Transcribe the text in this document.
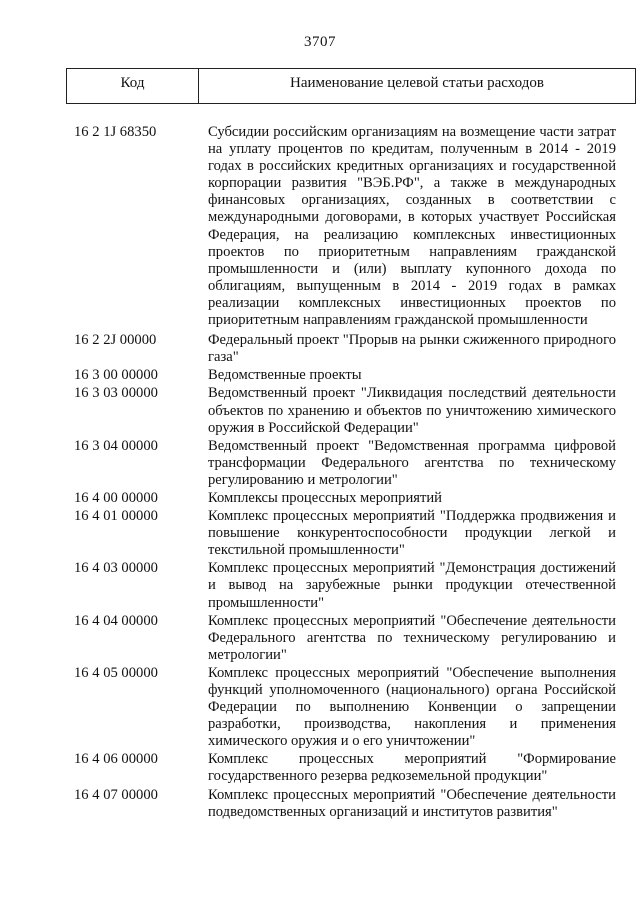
3707
Код	Наименование целевой статьи расходов
16 2 1J 68350	Субсидии российским организациям на возмещение части затрат на уплату процентов по кредитам, полученным в 2014 - 2019 годах в российских кредитных организациях и государственной корпорации развития "ВЭБ.РФ", а также в международных финансовых организациях, созданных в соответствии с международными договорами, в которых участвует Российская Федерация, на реализацию комплексных инвестиционных проектов по приоритетным направлениям гражданской промышленности и (или) выплату купонного дохода по облигациям, выпущенным в 2014 - 2019 годах в рамках реализации комплексных инвестиционных проектов по приоритетным направлениям гражданской промышленности
16 2 2J 00000	Федеральный проект "Прорыв на рынки сжиженного природного газа"
16 3 00 00000	Ведомственные проекты
16 3 03 00000	Ведомственный проект "Ликвидация последствий деятельности объектов по хранению и объектов по уничтожению химического оружия в Российской Федерации"
16 3 04 00000	Ведомственный проект "Ведомственная программа цифровой трансформации Федерального агентства по техническому регулированию и метрологии"
16 4 00 00000	Комплексы процессных мероприятий
16 4 01 00000	Комплекс процессных мероприятий "Поддержка продвижения и повышение конкурентоспособности продукции легкой и текстильной промышленности"
16 4 03 00000	Комплекс процессных мероприятий "Демонстрация достижений и вывод на зарубежные рынки продукции отечественной промышленности"
16 4 04 00000	Комплекс процессных мероприятий "Обеспечение деятельности Федерального агентства по техническому регулированию и метрологии"
16 4 05 00000	Комплекс процессных мероприятий "Обеспечение выполнения функций уполномоченного (национального) органа Российской Федерации по выполнению Конвенции о запрещении разработки, производства, накопления и применения химического оружия и о его уничтожении"
16 4 06 00000	Комплекс процессных мероприятий "Формирование государственного резерва редкоземельной продукции"
16 4 07 00000	Комплекс процессных мероприятий "Обеспечение деятельности подведомственных организаций и институтов развития"
